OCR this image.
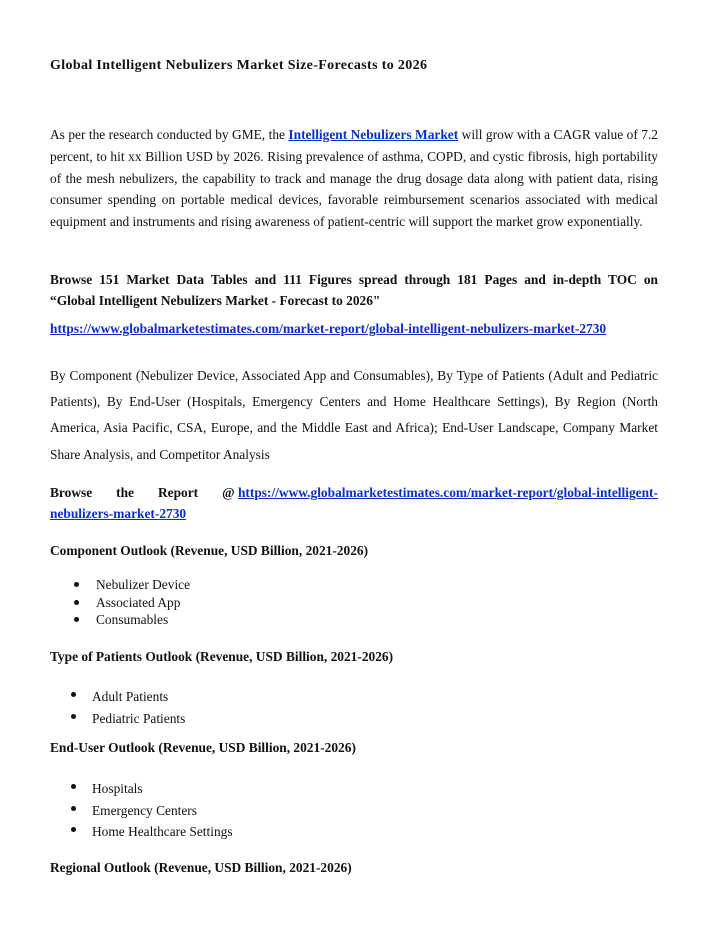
Global Intelligent Nebulizers Market Size-Forecasts to 2026

As per the research conducted by GME, the Intelligent Nebulizers Market will grow with a CAGR value of 7.2 percent, to hit xx Billion USD by 2026. Rising prevalence of asthma, COPD, and cystic fibrosis, high portability of the mesh nebulizers, the capability to track and manage the drug dosage data along with patient data, rising consumer spending on portable medical devices, favorable reimbursement scenarios associated with medical equipment and instruments and rising awareness of patient-centric will support the market grow exponentially.

Browse 151 Market Data Tables and 111 Figures spread through 181 Pages and in-depth TOC on
“Global Intelligent Nebulizers Market - Forecast to 2026"

https://www.globalmarketestimates.com/market-report/global-intelligent-nebulizers-market-2730

By Component (Nebulizer Device, Associated App and Consumables), By Type of Patients (Adult and Pediatric Patients), By End-User (Hospitals, Emergency Centers and Home Healthcare Settings), By Region (North America, Asia Pacific, CSA, Europe, and the Middle East and Africa); End-User Landscape, Company Market Share Analysis, and Competitor Analysis

Browse the Report @ https://www.globalmarketestimates.com/market-report/global-intelligent-
nebulizers-market-2730
Component Outlook (Revenue, USD Billion, 2021-2026)
Nebulizer Device
Associated App
Consumables
Type of Patients Outlook (Revenue, USD Billion, 2021-2026)
Adult Patients
Pediatric Patients
End-User Outlook (Revenue, USD Billion, 2021-2026)
Hospitals
Emergency Centers
Home Healthcare Settings
Regional Outlook (Revenue, USD Billion, 2021-2026)
